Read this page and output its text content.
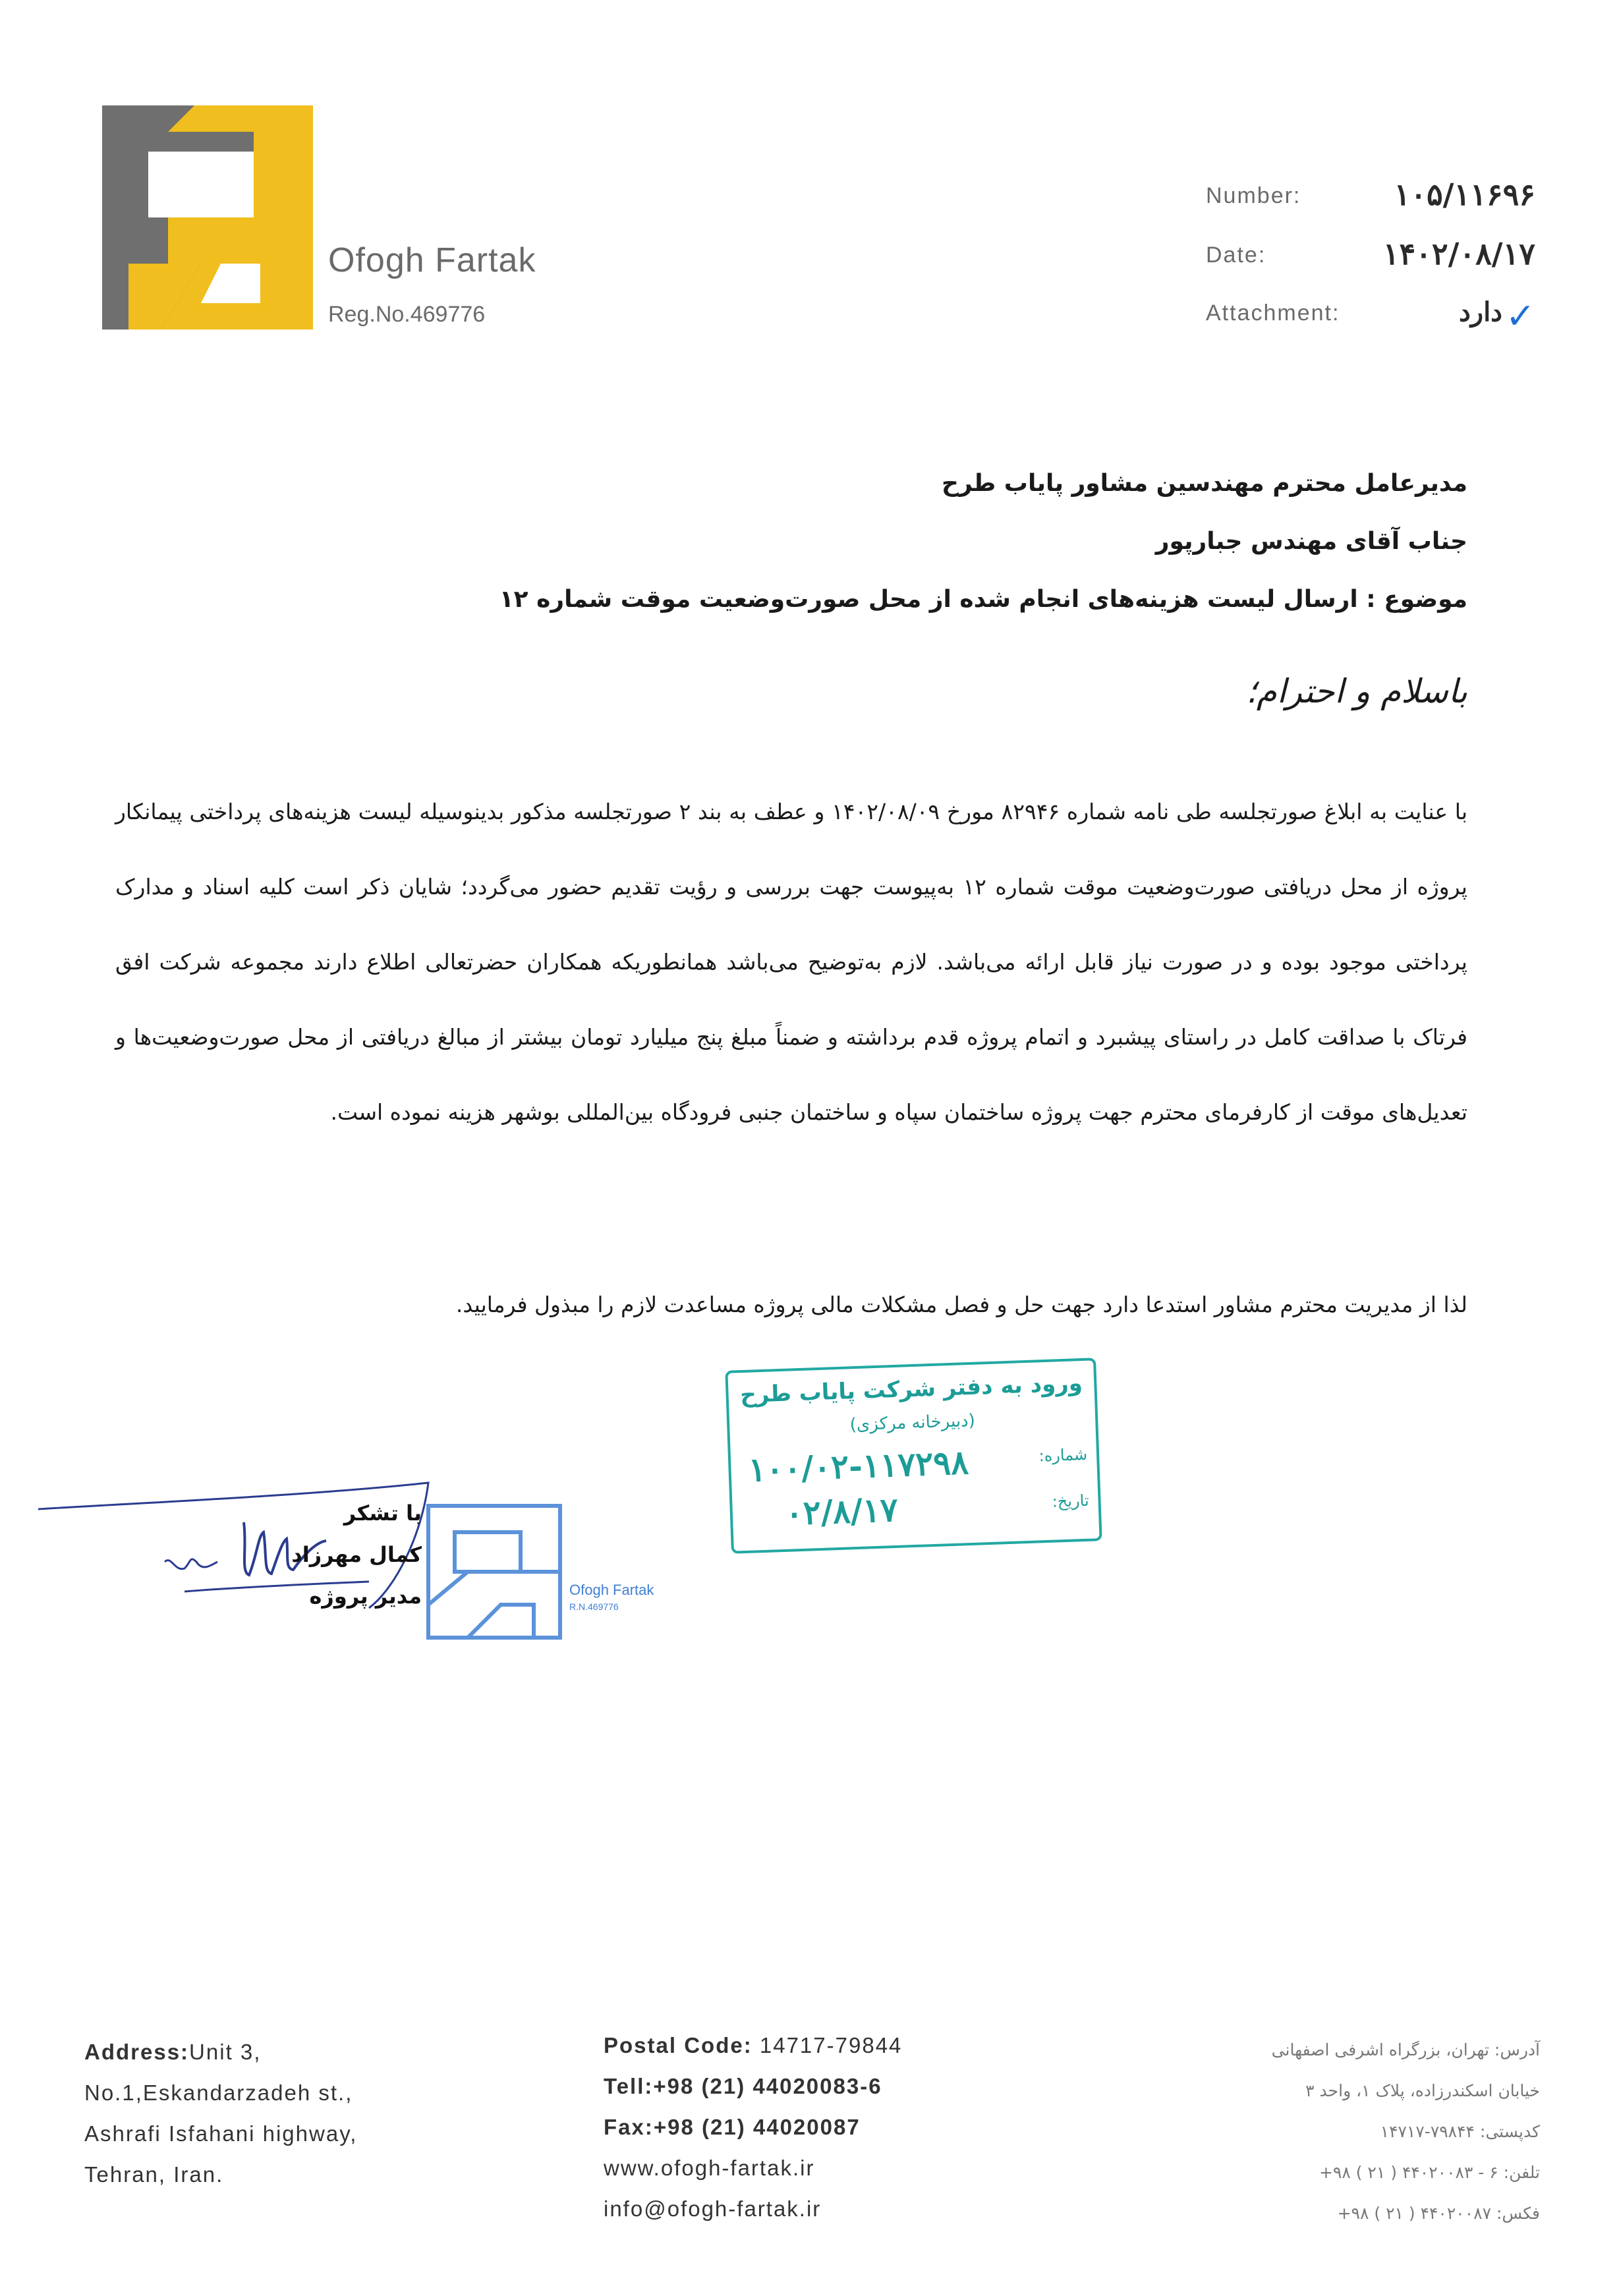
Ofogh Fartak
Reg.No.469776
Number:	۱۰۵/۱۱۶۹۶
Date:	۱۴۰۲/۰۸/۱۷
Attachment:	دارد ✓
مدیرعامل محترم مهندسین مشاور پایاب طرح
جناب آقای مهندس جبارپور
موضوع : ارسال لیست هزینه‌های انجام شده از محل صورت‌وضعیت موقت شماره ۱۲
باسلام و احترام؛
با عنایت به ابلاغ صورتجلسه طی نامه شماره ۸۲۹۴۶ مورخ ۱۴۰۲/۰۸/۰۹ و عطف به بند ۲ صورتجلسه مذکور بدینوسیله لیست هزینه‌های پرداختی پیمانکار پروژه از محل دریافتی صورت‌وضعیت موقت شماره ۱۲ به‌پیوست جهت بررسی و رؤیت تقدیم حضور می‌گردد؛ شایان ذکر است کلیه اسناد و مدارک پرداختی موجود بوده و در صورت نیاز قابل ارائه می‌باشد. لازم به‌توضیح می‌باشد همانطوریکه همکاران حضرتعالی اطلاع دارند مجموعه شرکت افق فرتاک با صداقت کامل در راستای پیشبرد و اتمام پروژه قدم برداشته و ضمناً مبلغ پنج میلیارد تومان بیشتر از مبالغ دریافتی از محل صورت‌وضعیت‌ها و تعدیل‌های موقت از کارفرمای محترم جهت پروژه ساختمان سپاه و ساختمان جنبی فرودگاه بین‌المللی بوشهر هزینه نموده است.
لذا از مدیریت محترم مشاور استدعا دارد جهت حل و فصل مشکلات مالی پروژه مساعدت لازم را مبذول فرمایید.
ورود به دفتر شرکت پایاب طرح
(دبیرخانه مرکزی)
شماره:
۱۰۰/۰۲-۱۱۷۲۹۸
تاریخ:
۰۲/۸/۱۷
با تشکر
کمال مهرزاد
مدیر پروژه	Ofogh Fartak
R.N.469776
Address:Unit 3,
No.1,Eskandarzadeh st.,
Ashrafi Isfahani highway,
Tehran, Iran.
Postal Code: 14717-79844
Tell:+98 (21) 44020083-6
Fax:+98 (21) 44020087
www.ofogh-fartak.ir
info@ofogh-fartak.ir
آدرس: تهران، بزرگراه اشرفی اصفهانی
خیابان اسکندرزاده، پلاک ۱، واحد ۳
کدپستی: ۷۹۸۴۴-۱۴۷۱۷
تلفن: ۶ - ۴۴۰۲۰۰۸۳ ( ۲۱ ) ۹۸+
فکس: ۴۴۰۲۰۰۸۷ ( ۲۱ ) ۹۸+
